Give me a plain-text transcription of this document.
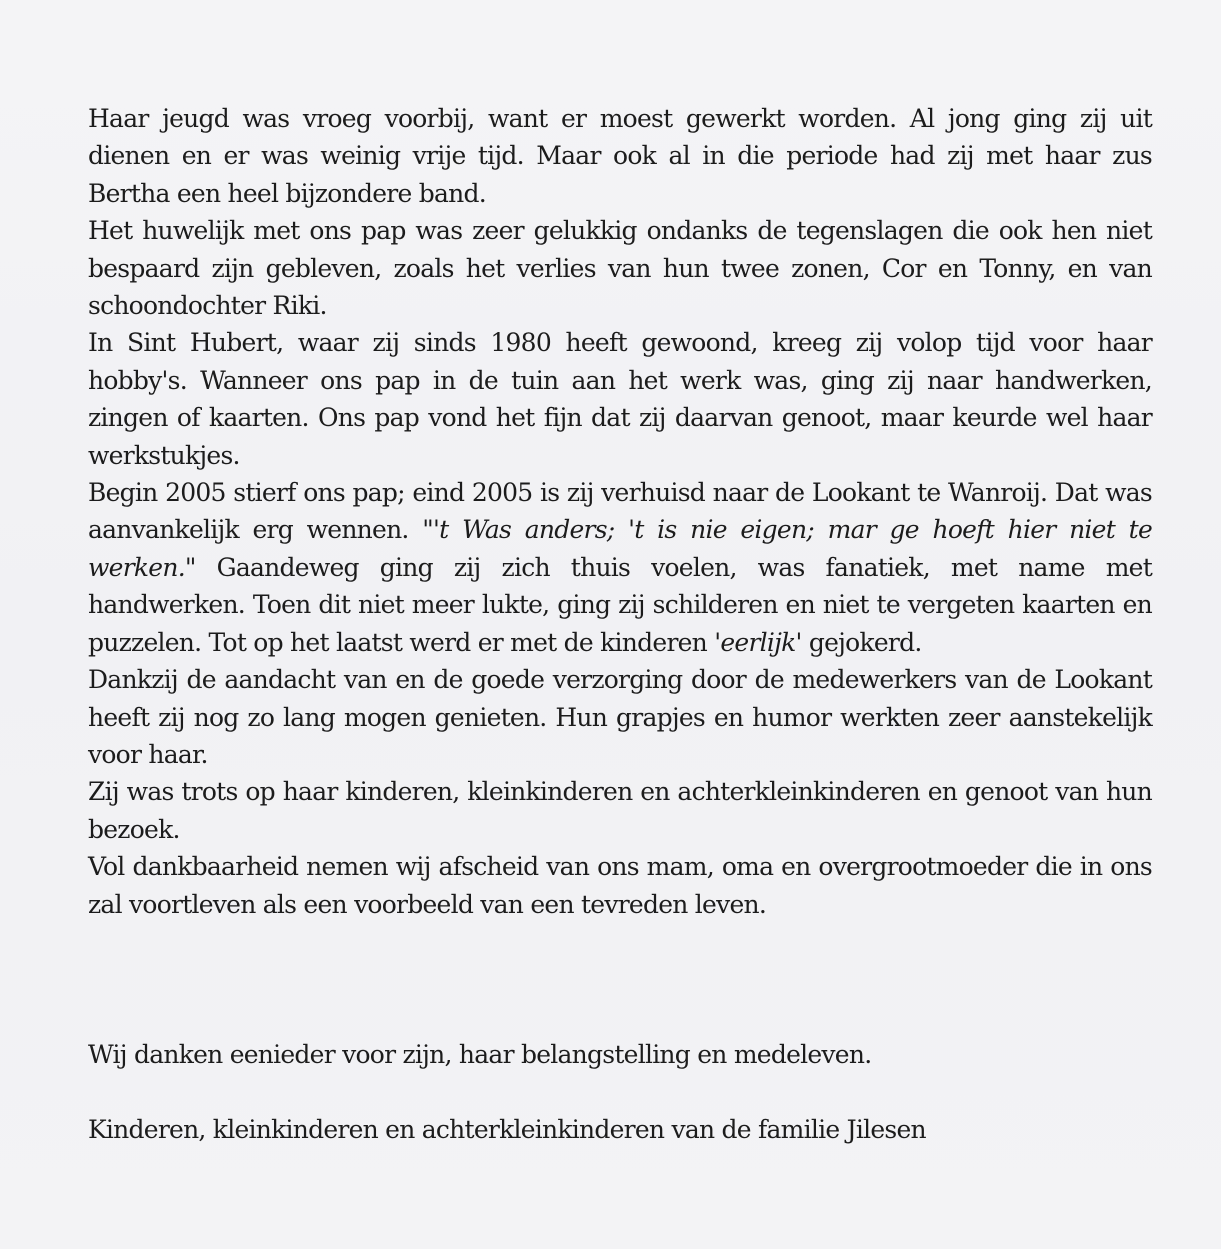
Haar jeugd was vroeg voorbij, want er moest gewerkt worden. Al jong ging zij uit dienen en er was weinig vrije tijd. Maar ook al in die periode had zij met haar zus Bertha een heel bijzondere band.

Het huwelijk met ons pap was zeer gelukkig ondanks de tegenslagen die ook hen niet bespaard zijn gebleven, zoals het verlies van hun twee zonen, Cor en Tonny, en van schoondochter Riki.

In Sint Hubert, waar zij sinds 1980 heeft gewoond, kreeg zij volop tijd voor haar hobby's. Wanneer ons pap in de tuin aan het werk was, ging zij naar handwerken, zingen of kaarten. Ons pap vond het fijn dat zij daarvan genoot, maar keurde wel haar werkstukjes.

Begin 2005 stierf ons pap; eind 2005 is zij verhuisd naar de Lookant te Wanroij. Dat was aanvankelijk erg wennen. "'t Was anders; 't is nie eigen; mar ge hoeft hier niet te werken." Gaandeweg ging zij zich thuis voelen, was fanatiek, met name met handwerken. Toen dit niet meer lukte, ging zij schilderen en niet te vergeten kaarten en puzzelen. Tot op het laatst werd er met de kinderen 'eerlijk' gejokerd.

Dankzij de aandacht van en de goede verzorging door de medewerkers van de Lookant heeft zij nog zo lang mogen genieten. Hun grapjes en humor werkten zeer aanstekelijk voor haar.

Zij was trots op haar kinderen, kleinkinderen en achterkleinkinderen en genoot van hun bezoek.

Vol dankbaarheid nemen wij afscheid van ons mam, oma en overgrootmoeder die in ons zal voortleven als een voorbeeld van een tevreden leven.

Wij danken eenieder voor zijn, haar belangstelling en medeleven.

Kinderen, kleinkinderen en achterkleinkinderen van de familie Jilesen
